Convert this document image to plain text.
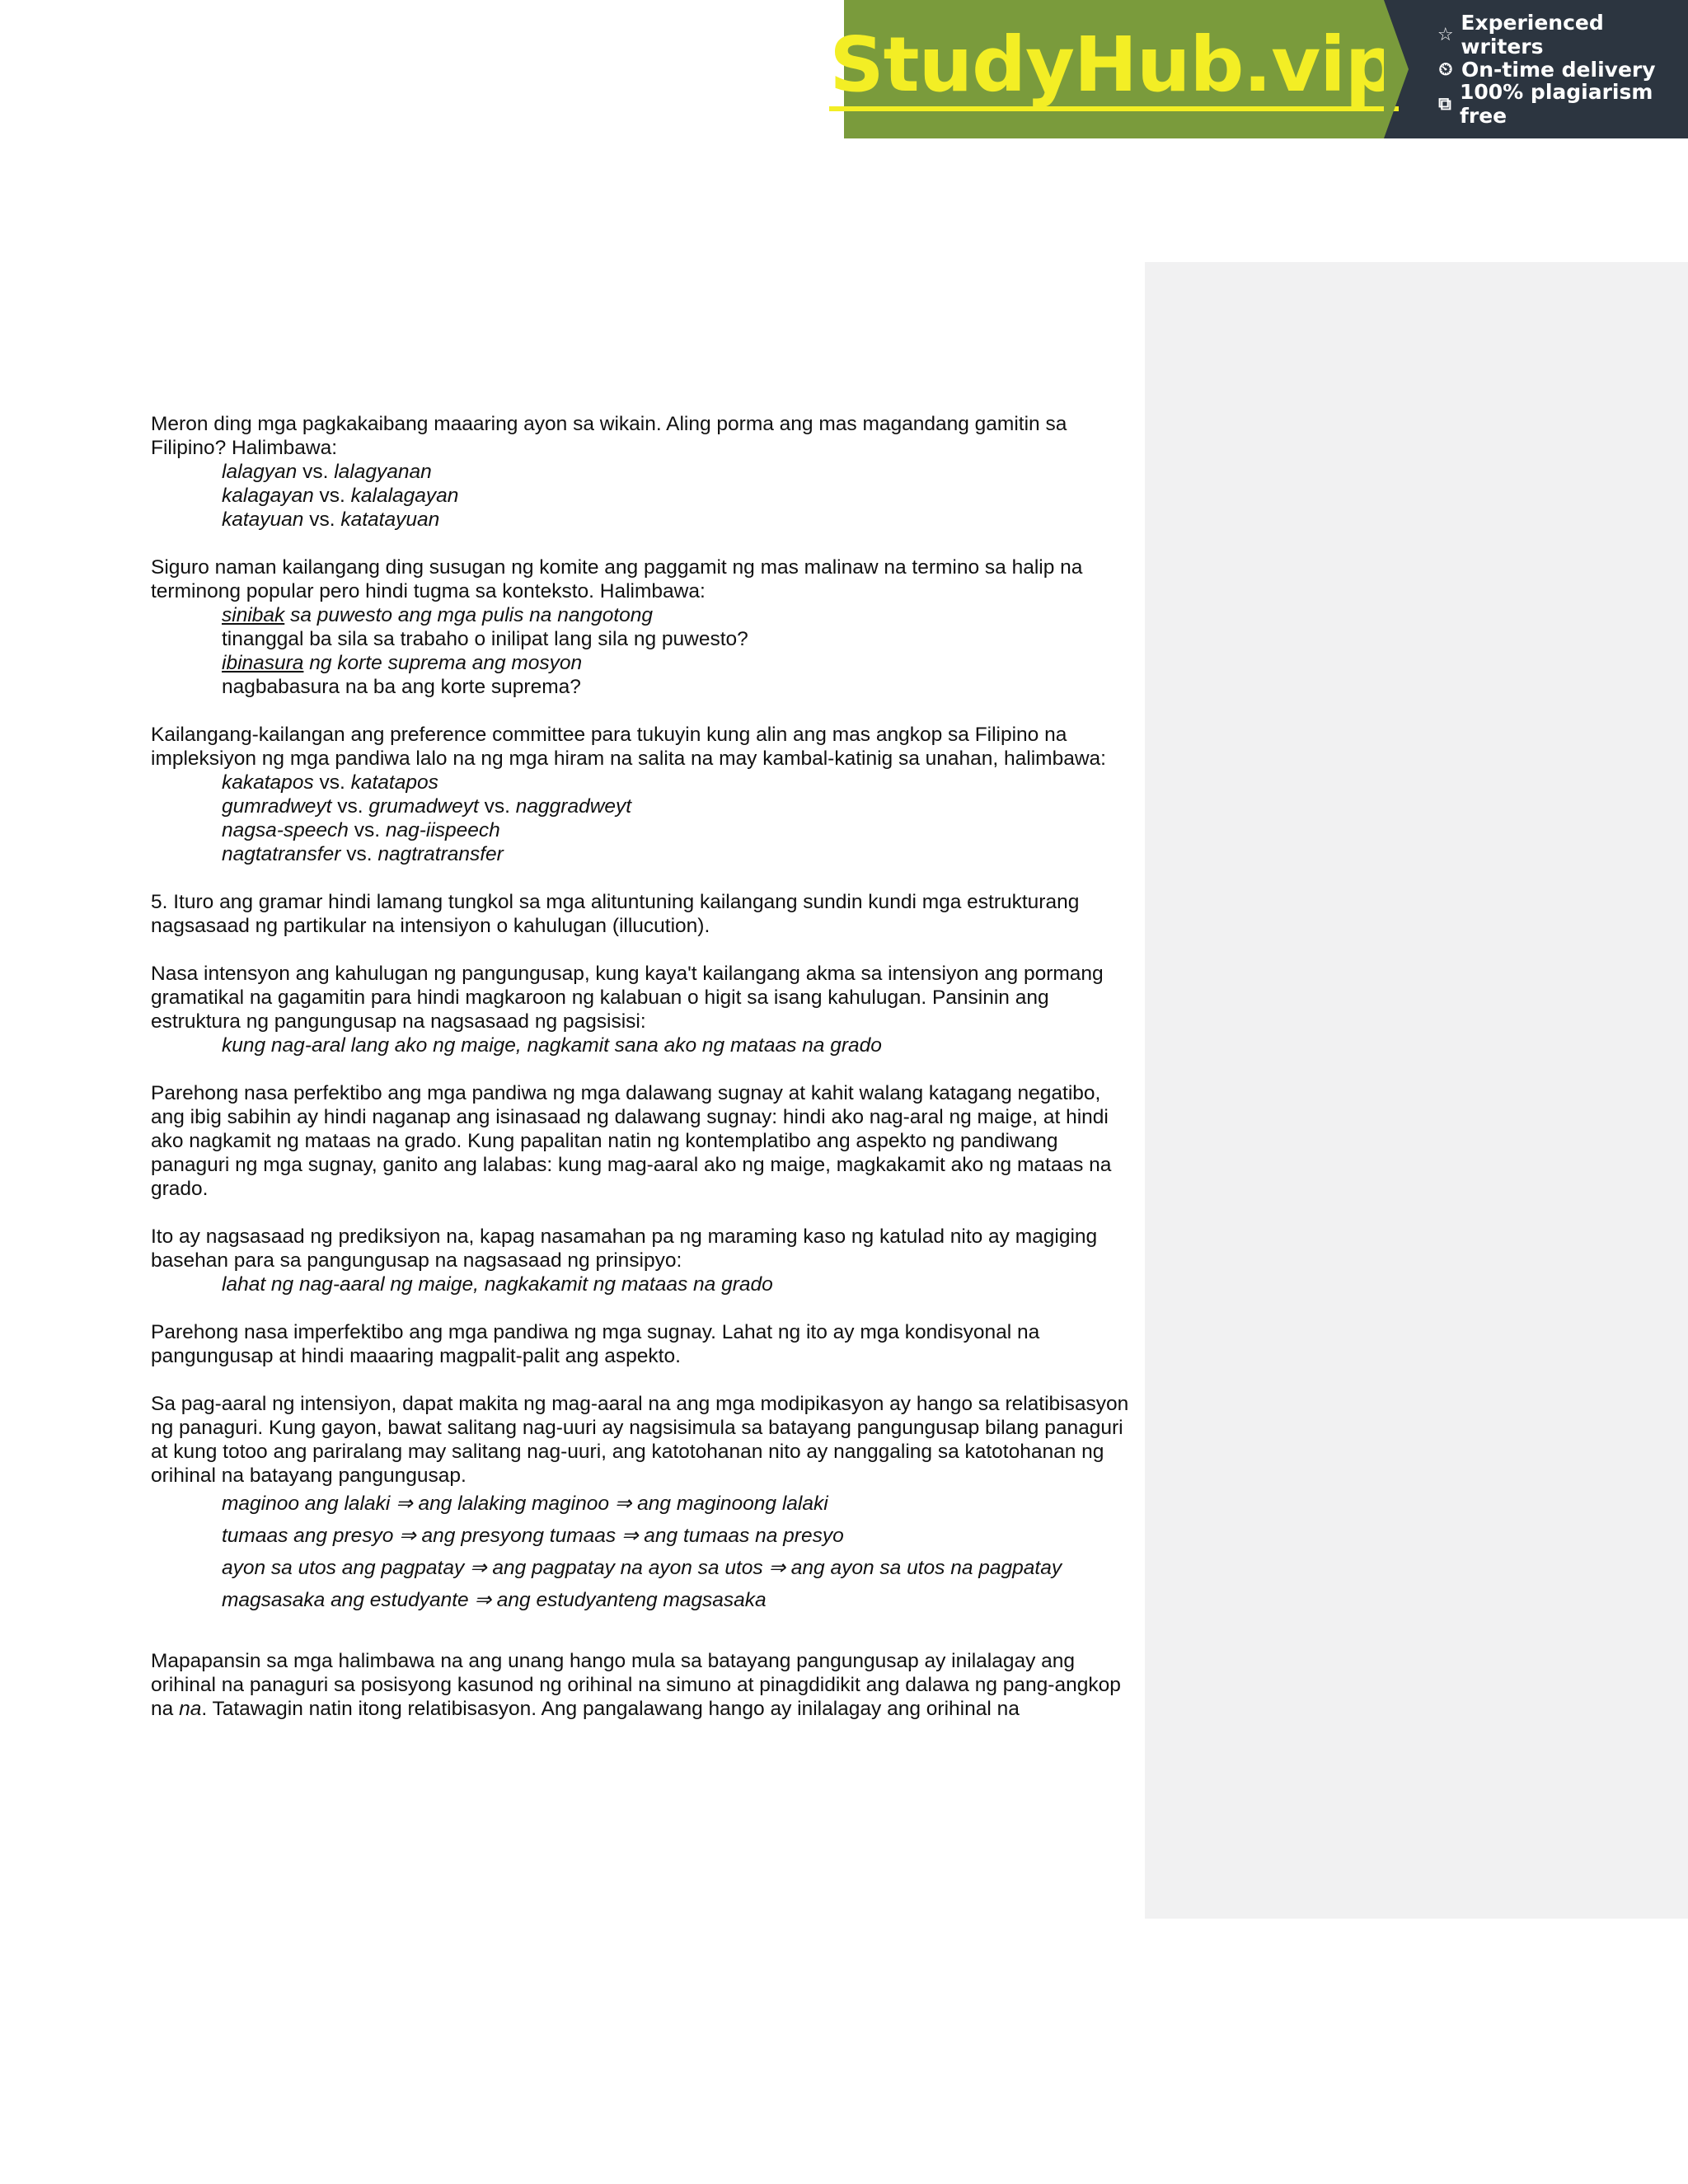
StudyHub.vip ☆ Experienced writers
⏲ On-time delivery
⧉ 100% plagiarism free

Meron ding mga pagkakaibang maaaring ayon sa wikain. Aling porma ang mas magandang gamitin sa Filipino? Halimbawa:

lalagyan vs. lalagyanan
kalagayan vs. kalalagayan
katayuan vs. katatayuan

Siguro naman kailangang ding susugan ng komite ang paggamit ng mas malinaw na termino sa halip na terminong popular pero hindi tugma sa konteksto. Halimbawa:

sinibak sa puwesto ang mga pulis na nangotong
tinanggal ba sila sa trabaho o inilipat lang sila ng puwesto?
ibinasura ng korte suprema ang mosyon
nagbabasura na ba ang korte suprema?

Kailangang-kailangan ang preference committee para tukuyin kung alin ang mas angkop sa Filipino na impleksiyon ng mga pandiwa lalo na ng mga hiram na salita na may kambal-katinig sa unahan, halimbawa:

kakatapos vs. katatapos
gumradweyt vs. grumadweyt vs. naggradweyt
nagsa-speech vs. nag-iispeech
nagtatransfer vs. nagtratransfer

5. Ituro ang gramar hindi lamang tungkol sa mga alituntuning kailangang sundin kundi mga estrukturang nagsasaad ng partikular na intensiyon o kahulugan (illucution).

Nasa intensyon ang kahulugan ng pangungusap, kung kaya't kailangang akma sa intensiyon ang pormang gramatikal na gagamitin para hindi magkaroon ng kalabuan o higit sa isang kahulugan. Pansinin ang estruktura ng pangungusap na nagsasaad ng pagsisisi:

kung nag-aral lang ako ng maige, nagkamit sana ako ng mataas na grado

Parehong nasa perfektibo ang mga pandiwa ng mga dalawang sugnay at kahit walang katagang negatibo, ang ibig sabihin ay hindi naganap ang isinasaad ng dalawang sugnay: hindi ako nag-aral ng maige, at hindi ako nagkamit ng mataas na grado. Kung papalitan natin ng kontemplatibo ang aspekto ng pandiwang panaguri ng mga sugnay, ganito ang lalabas: kung mag-aaral ako ng maige, magkakamit ako ng mataas na grado.

Ito ay nagsasaad ng prediksiyon na, kapag nasamahan pa ng maraming kaso ng katulad nito ay magiging basehan para sa pangungusap na nagsasaad ng prinsipyo:

lahat ng nag-aaral ng maige, nagkakamit ng mataas na grado

Parehong nasa imperfektibo ang mga pandiwa ng mga sugnay. Lahat ng ito ay mga kondisyonal na pangungusap at hindi maaaring magpalit-palit ang aspekto.

Sa pag-aaral ng intensiyon, dapat makita ng mag-aaral na ang mga modipikasyon ay hango sa relatibisasyon ng panaguri. Kung gayon, bawat salitang nag-uuri ay nagsisimula sa batayang pangungusap bilang panaguri at kung totoo ang pariralang may salitang nag-uuri, ang katotohanan nito ay nanggaling sa katotohanan ng orihinal na batayang pangungusap.

maginoo ang lalaki ⇒ ang lalaking maginoo ⇒ ang maginoong lalaki
tumaas ang presyo ⇒ ang presyong tumaas ⇒ ang tumaas na presyo
ayon sa utos ang pagpatay ⇒ ang pagpatay na ayon sa utos ⇒ ang ayon sa utos na pagpatay
magsasaka ang estudyante ⇒ ang estudyanteng magsasaka

Mapapansin sa mga halimbawa na ang unang hango mula sa batayang pangungusap ay inilalagay ang orihinal na panaguri sa posisyong kasunod ng orihinal na simuno at pinagdidikit ang dalawa ng pang-angkop na na. Tatawagin natin itong relatibisasyon. Ang pangalawang hango ay inilalagay ang orihinal na
